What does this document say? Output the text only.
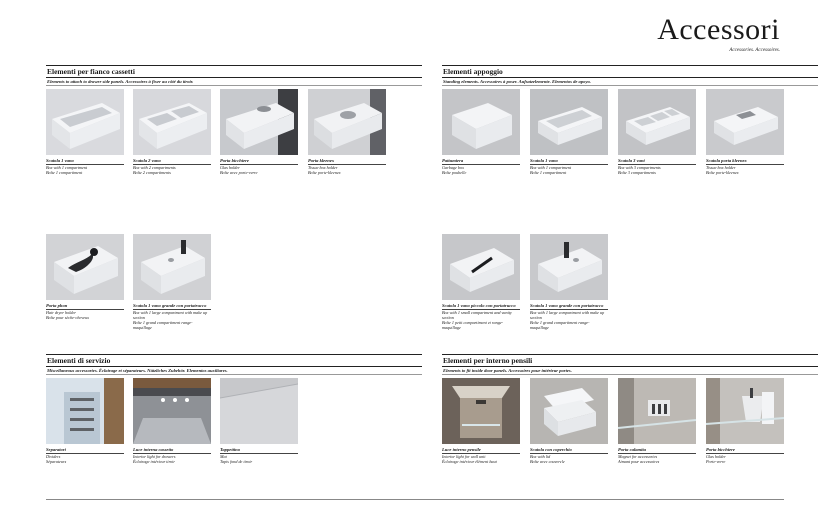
Accessori
Accessories. Accessoires.
Elementi per fianco cassetti
Elements to attach to drawer side panels. Accessoires à fixer au côté du tiroir.
Elementi appoggio
Standing elements. Accessoires à poser. Aufsatzelemente. Elementos de apoyo.
Elementi di servizio
Miscellaneous accessories. Éclairage et séparateurs. Nützliches Zubehör. Elementos auxiliares.
Elementi per interno pensili
Elements to fit inside door panels. Accessoires pour intérieur portes.
Scatola 1 vano
Box with 1 compartment
Boîte 1 compartiment
Scatola 2 vano
Box with 2 compartments
Boîte 2 compartiments
Porta bicchiere
Glas holder
Boîte avec porte-verre
Porta kleenex
Tissue box holder
Boîte porte-kleenex
Pattumiera
Garbage box
Boîte poubelle
Scatola 1 vano
Box with 1 compartment
Boîte 1 compartiment
Scatola 3 vani
Box with 3 compartments
Boîte 3 compartiments
Scatola porta kleenex
Tissue box holder
Boîte porte-kleenex
Porta phon
Hair dryer holder
Boîte pour sèche-cheveux
Scatola 1 vano grande con portatrucco
Box with 1 large compartment with make up section
Boîte 1 grand compartiment range-maquillage
Scatola 1 vano piccolo con portatrucco
Box with 1 small compartment and vanity section
Boîte 1 petit compartiment et range-maquillage
Scatola 1 vano grande con portatrucco
Box with 1 large compartment with make up section
Boîte 1 grand compartiment range-maquillage
Separatori
Dividers
Séparateurs
Luce interna cassetto
Interior light for drawers
Éclairage intérieur tiroir
Tappettino
Mat
Tapis fond de tiroir
Luce interno pensile
Interior light for wall unit
Éclairage intérieur élément haut
Scatola con coperchio
Box with lid
Boîte avec couvercle
Porta calamita
Magnet for accessories
Aimant pour accessoires
Porta bicchiere
Glas holder
Porte-verre
